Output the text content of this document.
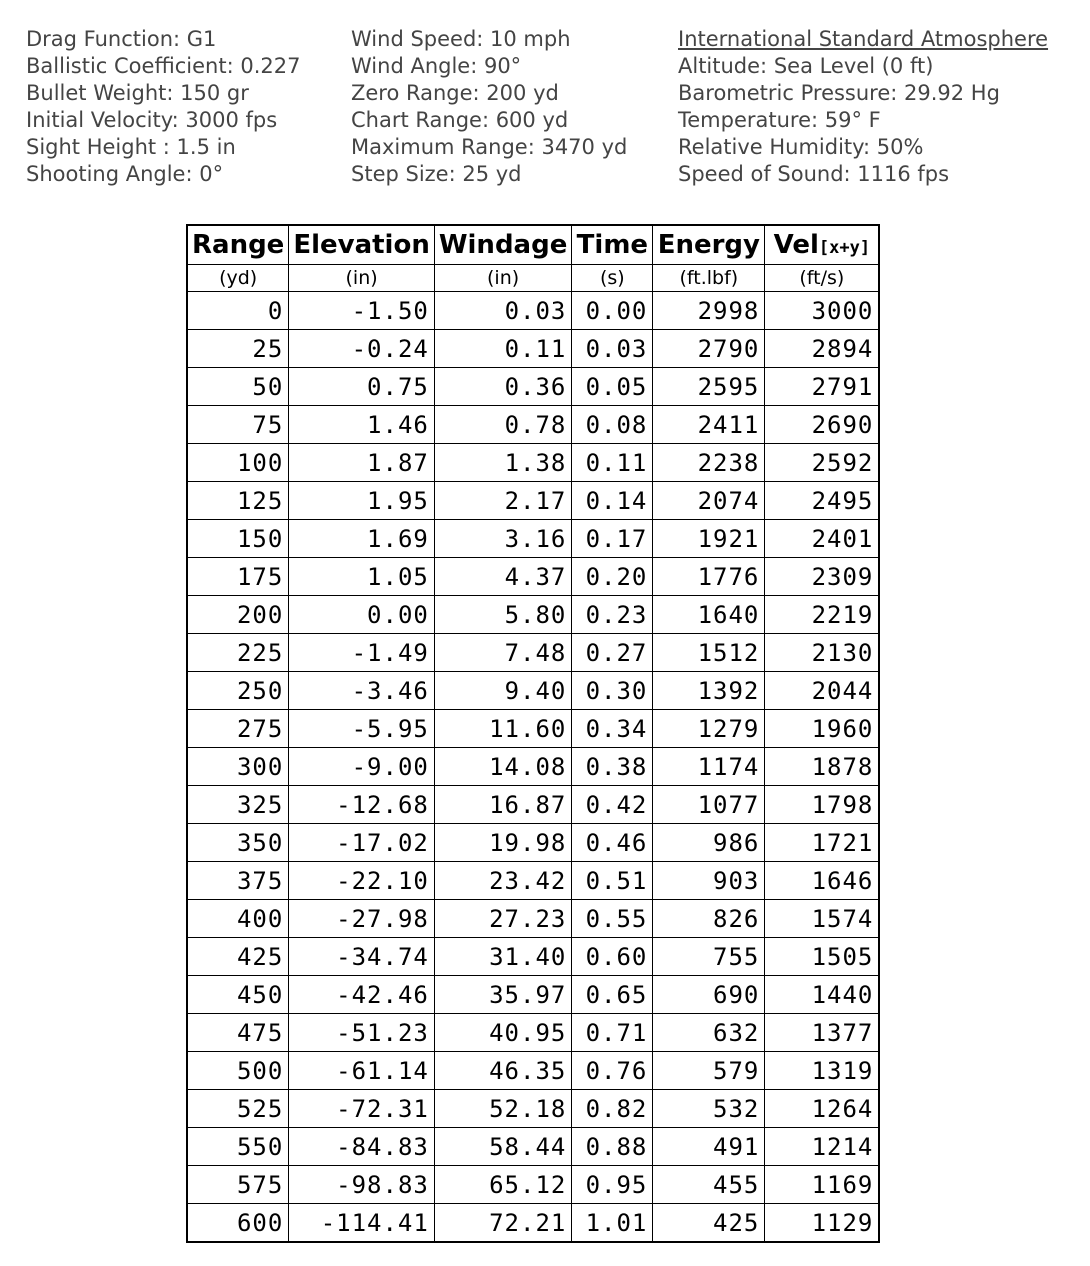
Drag Function: G1
Ballistic Coefficient: 0.227
Bullet Weight: 150 gr
Initial Velocity: 3000 fps
Sight Height : 1.5 in
Shooting Angle: 0°
Wind Speed: 10 mph
Wind Angle: 90°
Zero Range: 200 yd
Chart Range: 600 yd
Maximum Range: 3470 yd
Step Size: 25 yd
International Standard Atmosphere
Altitude: Sea Level (0 ft)
Barometric Pressure: 29.92 Hg
Temperature: 59° F
Relative Humidity: 50%
Speed of Sound: 1116 fps
Range	Elevation	Windage	Time	Energy	Vel[x+y]
(yd)	(in)	(in)	(s)	(ft.lbf)	(ft/s)
0	-1.50	0.03	0.00	2998	3000
25	-0.24	0.11	0.03	2790	2894
50	0.75	0.36	0.05	2595	2791
75	1.46	0.78	0.08	2411	2690
100	1.87	1.38	0.11	2238	2592
125	1.95	2.17	0.14	2074	2495
150	1.69	3.16	0.17	1921	2401
175	1.05	4.37	0.20	1776	2309
200	0.00	5.80	0.23	1640	2219
225	-1.49	7.48	0.27	1512	2130
250	-3.46	9.40	0.30	1392	2044
275	-5.95	11.60	0.34	1279	1960
300	-9.00	14.08	0.38	1174	1878
325	-12.68	16.87	0.42	1077	1798
350	-17.02	19.98	0.46	986	1721
375	-22.10	23.42	0.51	903	1646
400	-27.98	27.23	0.55	826	1574
425	-34.74	31.40	0.60	755	1505
450	-42.46	35.97	0.65	690	1440
475	-51.23	40.95	0.71	632	1377
500	-61.14	46.35	0.76	579	1319
525	-72.31	52.18	0.82	532	1264
550	-84.83	58.44	0.88	491	1214
575	-98.83	65.12	0.95	455	1169
600	-114.41	72.21	1.01	425	1129
